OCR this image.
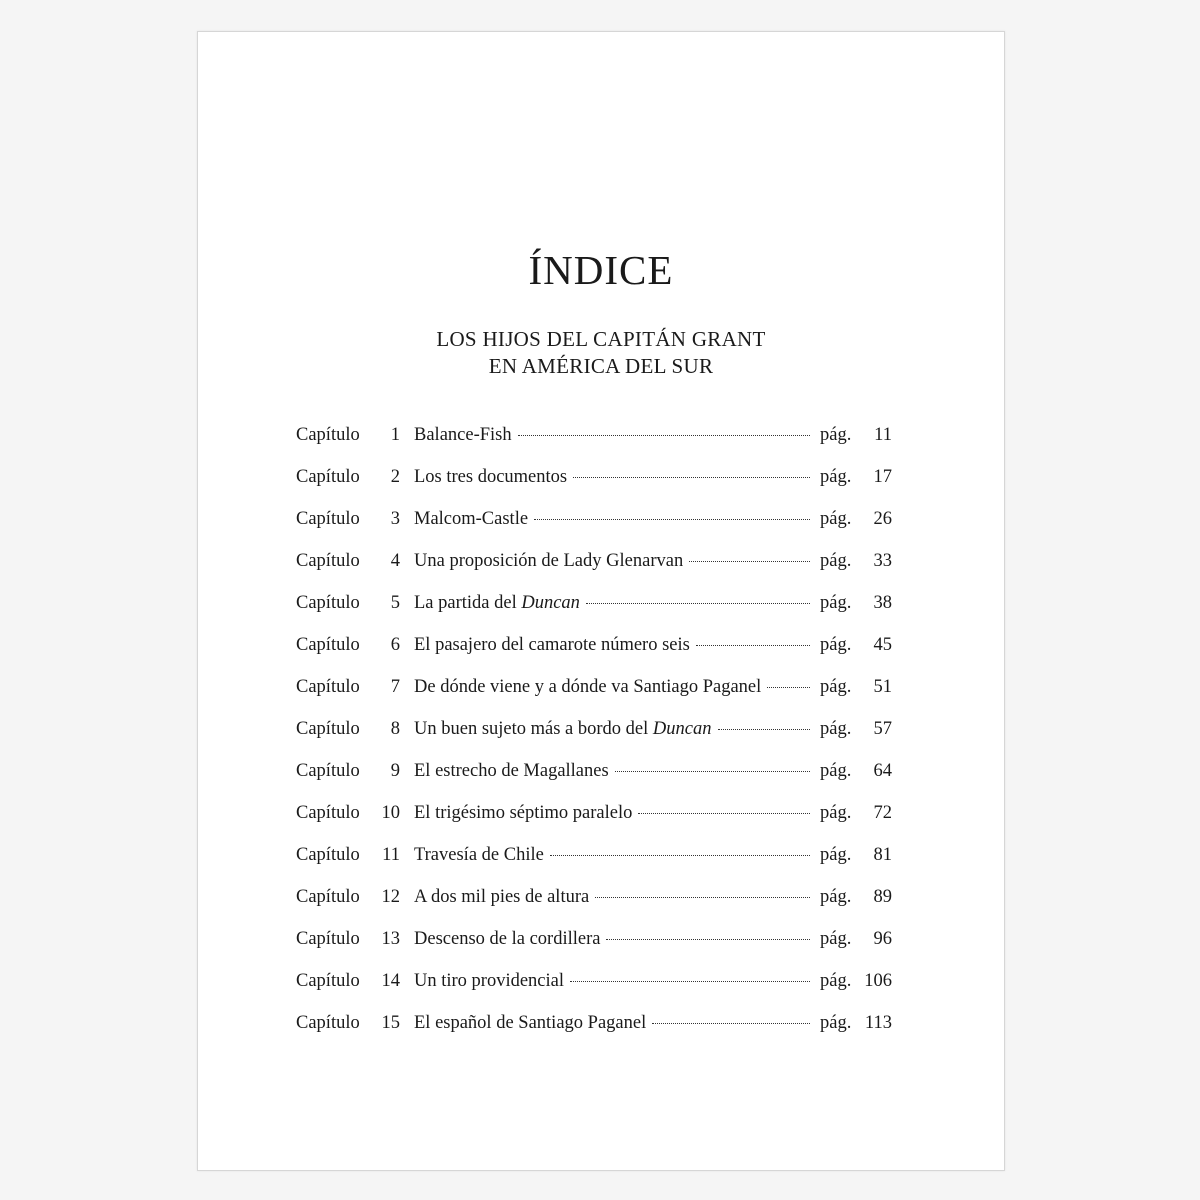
ÍNDICE
LOS HIJOS DEL CAPITÁN GRANT
EN AMÉRICA DEL SUR
Capítulo	1 Balance-Fish	pág.	11
Capítulo	2 Los tres documentos	pág.	17
Capítulo	3 Malcom-Castle	pág.	26
Capítulo	4 Una proposición de Lady Glenarvan	pág.	33
Capítulo	5 La partida del Duncan	pág.	38
Capítulo	6 El pasajero del camarote número seis	pág.	45
Capítulo	7 De dónde viene y a dónde va Santiago Paganel	pág.	51
Capítulo	8 Un buen sujeto más a bordo del Duncan	pág.	57
Capítulo	9 El estrecho de Magallanes	pág.	64
Capítulo	10 El trigésimo séptimo paralelo	pág.	72
Capítulo	11 Travesía de Chile	pág.	81
Capítulo	12 A dos mil pies de altura	pág.	89
Capítulo	13 Descenso de la cordillera	pág.	96
Capítulo	14 Un tiro providencial	pág. 106
Capítulo	15 El español de Santiago Paganel	pág. 113
